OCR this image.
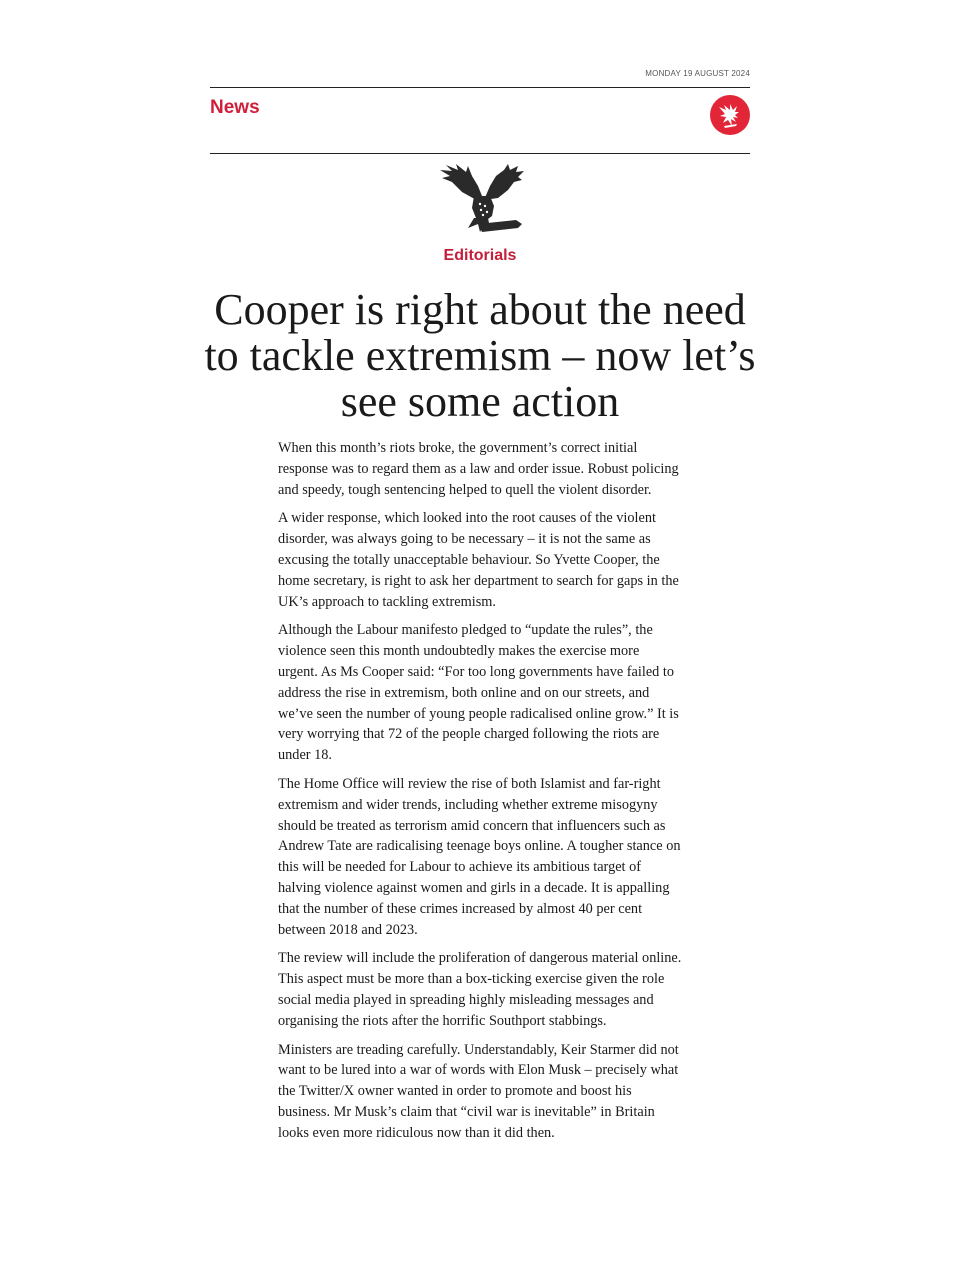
MONDAY 19 AUGUST 2024
News
Editorials
Cooper is right about the need to tackle extremism – now let’s see some action

When this month’s riots broke, the government’s correct initial response was to regard them as a law and order issue. Robust policing and speedy, tough sentencing helped to quell the violent disorder.

A wider response, which looked into the root causes of the violent disorder, was always going to be necessary – it is not the same as excusing the totally unacceptable behaviour. So Yvette Cooper, the home secretary, is right to ask her department to search for gaps in the UK’s approach to tackling extremism.

Although the Labour manifesto pledged to “update the rules”, the violence seen this month undoubtedly makes the exercise more urgent. As Ms Cooper said: “For too long governments have failed to address the rise in extremism, both online and on our streets, and we’ve seen the number of young people radicalised online grow.” It is very worrying that 72 of the people charged following the riots are under 18.

The Home Office will review the rise of both Islamist and far-right extremism and wider trends, including whether extreme misogyny should be treated as terrorism amid concern that influencers such as Andrew Tate are radicalising teenage boys online. A tougher stance on this will be needed for Labour to achieve its ambitious target of halving violence against women and girls in a decade. It is appalling that the number of these crimes increased by almost 40 per cent between 2018 and 2023.

The review will include the proliferation of dangerous material online. This aspect must be more than a box-ticking exercise given the role social media played in spreading highly misleading messages and organising the riots after the horrific Southport stabbings.

Ministers are treading carefully. Understandably, Keir Starmer did not want to be lured into a war of words with Elon Musk – precisely what the Twitter/X owner wanted in order to promote and boost his business. Mr Musk’s claim that “civil war is inevitable” in Britain looks even more ridiculous now than it did then.
